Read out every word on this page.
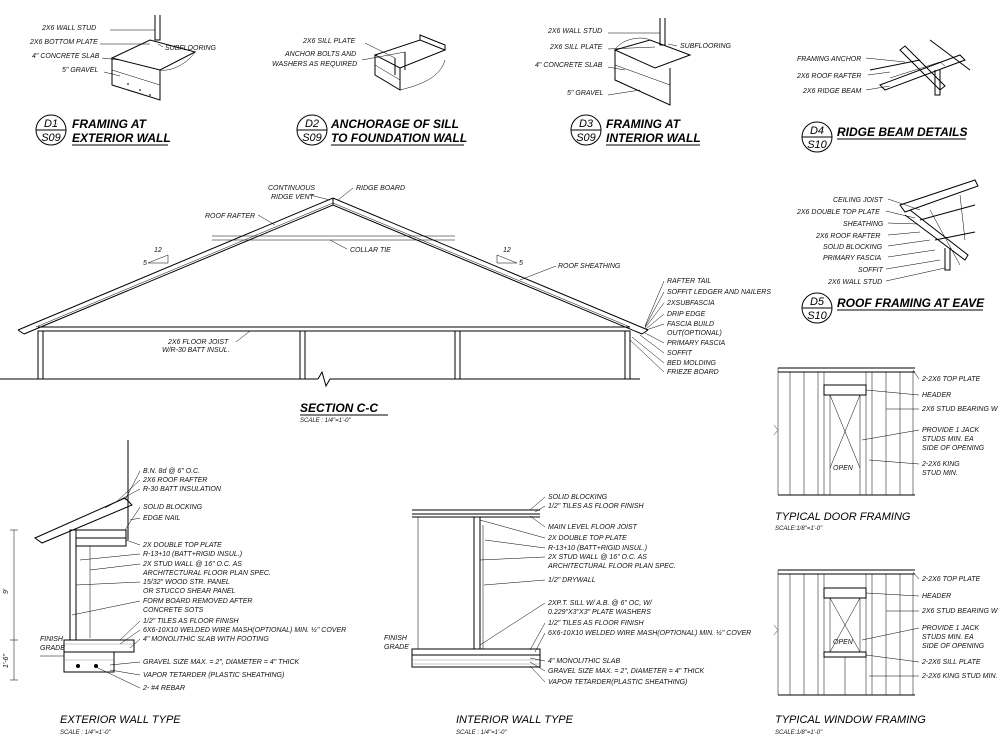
2X6 WALL STUD
2X6 BOTTOM PLATE
4" CONCRETE SLAB
5" GRAVEL
SUBFLOORING
D1
S09
FRAMING AT
EXTERIOR WALL
2X6 SILL PLATE
ANCHOR BOLTS AND
WASHERS AS REQUIRED
D2
S09
ANCHORAGE OF SILL
TO FOUNDATION WALL
2X6 WALL STUD
2X6 SILL PLATE
4" CONCRETE SLAB
5" GRAVEL
SUBFLOORING
D3
S09
FRAMING AT
INTERIOR WALL
FRAMING ANCHOR
2X6 ROOF RAFTER
2X6 RIDGE BEAM
D4
S10
RIDGE BEAM DETAILS
CEILING JOIST
2X6 DOUBLE TOP PLATE
SHEATHING
2X6 ROOF RAFTER
SOLID BLOCKING
PRIMARY FASCIA
SOFFIT
2X6 WALL STUD
D5
S10
ROOF FRAMING AT EAVE
12
5
12
5
CONTINUOUS
RIDGE VENT
RIDGE BOARD
ROOF RAFTER
COLLAR TIE
ROOF SHEATHING
2X6 FLOOR JOIST
W/R-30 BATT INSUL.
RAFTER TAIL
SOFFIT LEDGER AND NAILERS
2XSUBFASCIA
DRIP EDGE
FASCIA BUILD
OUT(OPTIONAL)
PRIMARY FASCIA
SOFFIT
BED MOLDING
FRIEZE BOARD
SECTION C-C
SCALE : 1/4"=1'-0"
9'
1'-6"
FINISH
GRADE
B.N. 8d @ 6" O.C.
2X6 ROOF RAFTER
R-30 BATT INSULATION
SOLID BLOCKING
EDGE NAIL
2X DOUBLE TOP PLATE
R-13+10 (BATT+RIGID INSUL.)
2X STUD WALL @ 16" O.C. AS
ARCHITECTURAL FLOOR PLAN SPEC.
15/32" WOOD STR. PANEL
OR STUCCO SHEAR PANEL
FORM BOARD REMOVED AFTER
CONCRETE SOTS
1/2" TILES AS FLOOR FINISH
6X6-10X10 WELDED WIRE MASH(OPTIONAL) MIN. ½" COVER
4" MONOLITHIC SLAB WITH FOOTING
GRAVEL SIZE MAX. = 2", DIAMETER = 4" THICK
VAPOR TETARDER (PLASTIC SHEATHING)
2- #4 REBAR
EXTERIOR WALL TYPE
SCALE : 1/4"=1'-0"
FINISH
GRADE
SOLID BLOCKING
1/2" TILES AS FLOOR FINISH
MAIN LEVEL FLOOR JOIST
2X DOUBLE TOP PLATE
R-13+10 (BATT+RIGID INSUL.)
2X STUD WALL @ 16" O.C. AS
ARCHITECTURAL FLOOR PLAN SPEC.
1/2" DRYWALL
2XP.T. SILL W/ A.B. @ 6" OC, W/
0.229"X3"X3" PLATE WASHERS
1/2" TILES AS FLOOR FINISH
6X6-10X10 WELDED WIRE MASH(OPTIONAL) MIN. ½" COVER
4" MONOLITHIC SLAB
GRAVEL SIZE MAX. = 2", DIAMETER = 4" THICK
VAPOR TETARDER(PLASTIC SHEATHING)
INTERIOR WALL TYPE
SCALE : 1/4"=1'-0"
OPEN
2-2X6 TOP PLATE
HEADER
2X6 STUD BEARING W
PROVIDE 1 JACK
STUDS MIN. EA
SIDE OF OPENING
2-2X6 KING
STUD MIN.
TYPICAL DOOR FRAMING
SCALE:1/8"=1'-0"
OPEN
2-2X6 TOP PLATE
HEADER
2X6 STUD BEARING W
PROVIDE 1 JACK
STUDS MIN. EA
SIDE OF OPENING
2-2X6 SILL PLATE
2-2X6 KING STUD MIN.
TYPICAL WINDOW FRAMING
SCALE:1/8"=1'-0"
